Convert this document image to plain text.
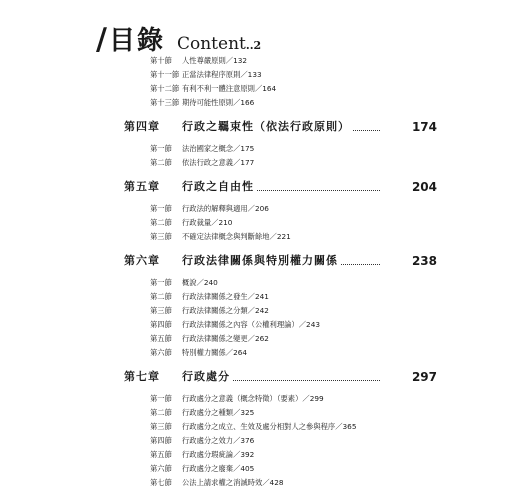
/ 目錄 Content ..2
第十節 人性尊嚴原則／132
第十一節 正當法律程序原則／133
第十二節 有利不利一體注意原則／164
第十三節 期待可能性原則／166
第四章 行政之羈束性（依法行政原則）	174
第一節 法治國家之概念／175
第二節 依法行政之意義／177
第五章 行政之自由性	204
第一節 行政法的解釋與適用／206
第二節 行政裁量／210
第三節 不確定法律概念與判斷餘地／221
第六章 行政法律關係與特別權力關係	238
第一節 概說／240
第二節 行政法律關係之發生／241
第三節 行政法律關係之分類／242
第四節 行政法律關係之內容（公權利理論）／243
第五節 行政法律關係之變更／262
第六節 特別權力關係／264
第七章 行政處分	297
第一節 行政處分之意義（概念特徵）（要素）／299
第二節 行政處分之種類／325
第三節 行政處分之成立、生效及處分相對人之參與程序／365
第四節 行政處分之效力／376
第五節 行政處分瑕疵論／392
第六節 行政處分之廢棄／405
第七節 公法上請求權之消滅時效／428
